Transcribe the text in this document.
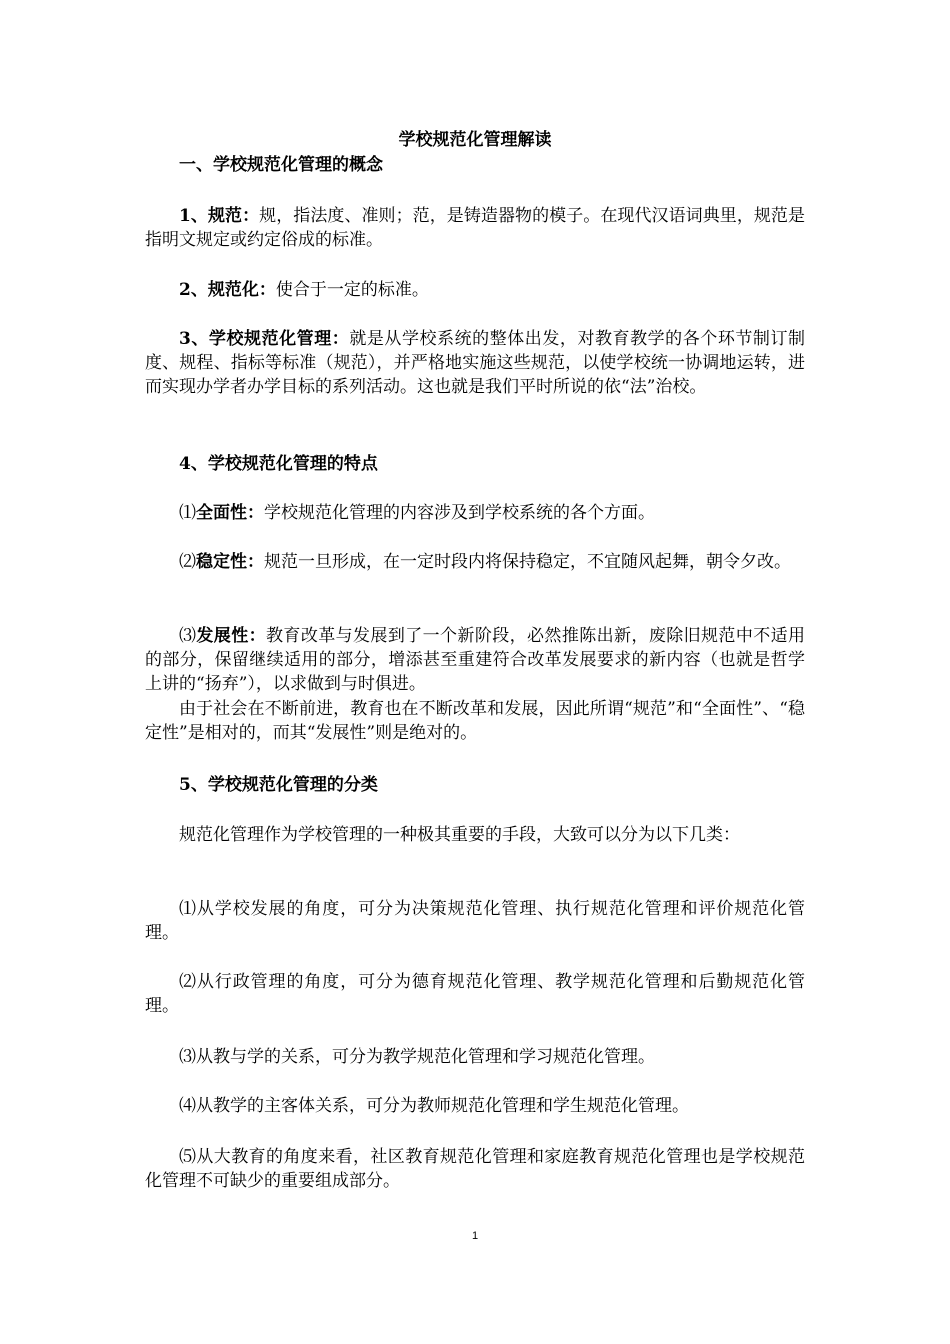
学校规范化管理解读
一、学校规范化管理的概念
1、规范：规，指法度、准则；范，是铸造器物的模子。在现代汉语词典里，规范是指明文规定或约定俗成的标准。
2、规范化：使合于一定的标准。
3、学校规范化管理：就是从学校系统的整体出发，对教育教学的各个环节制订制度、规程、指标等标准（规范），并严格地实施这些规范，以使学校统一协调地运转，进而实现办学者办学目标的系列活动。这也就是我们平时所说的依“法”治校。
4、学校规范化管理的特点
⑴全面性：学校规范化管理的内容涉及到学校系统的各个方面。
⑵稳定性：规范一旦形成，在一定时段内将保持稳定，不宜随风起舞，朝令夕改。
⑶发展性：教育改革与发展到了一个新阶段，必然推陈出新，废除旧规范中不适用的部分，保留继续适用的部分，增添甚至重建符合改革发展要求的新内容（也就是哲学上讲的“扬弃”），以求做到与时俱进。
由于社会在不断前进，教育也在不断改革和发展，因此所谓“规范”和“全面性”、“稳定性”是相对的，而其“发展性”则是绝对的。
5、学校规范化管理的分类
规范化管理作为学校管理的一种极其重要的手段，大致可以分为以下几类：
⑴从学校发展的角度，可分为决策规范化管理、执行规范化管理和评价规范化管理。
⑵从行政管理的角度，可分为德育规范化管理、教学规范化管理和后勤规范化管理。
⑶从教与学的关系，可分为教学规范化管理和学习规范化管理。
⑷从教学的主客体关系，可分为教师规范化管理和学生规范化管理。
⑸从大教育的角度来看，社区教育规范化管理和家庭教育规范化管理也是学校规范化管理不可缺少的重要组成部分。
1
